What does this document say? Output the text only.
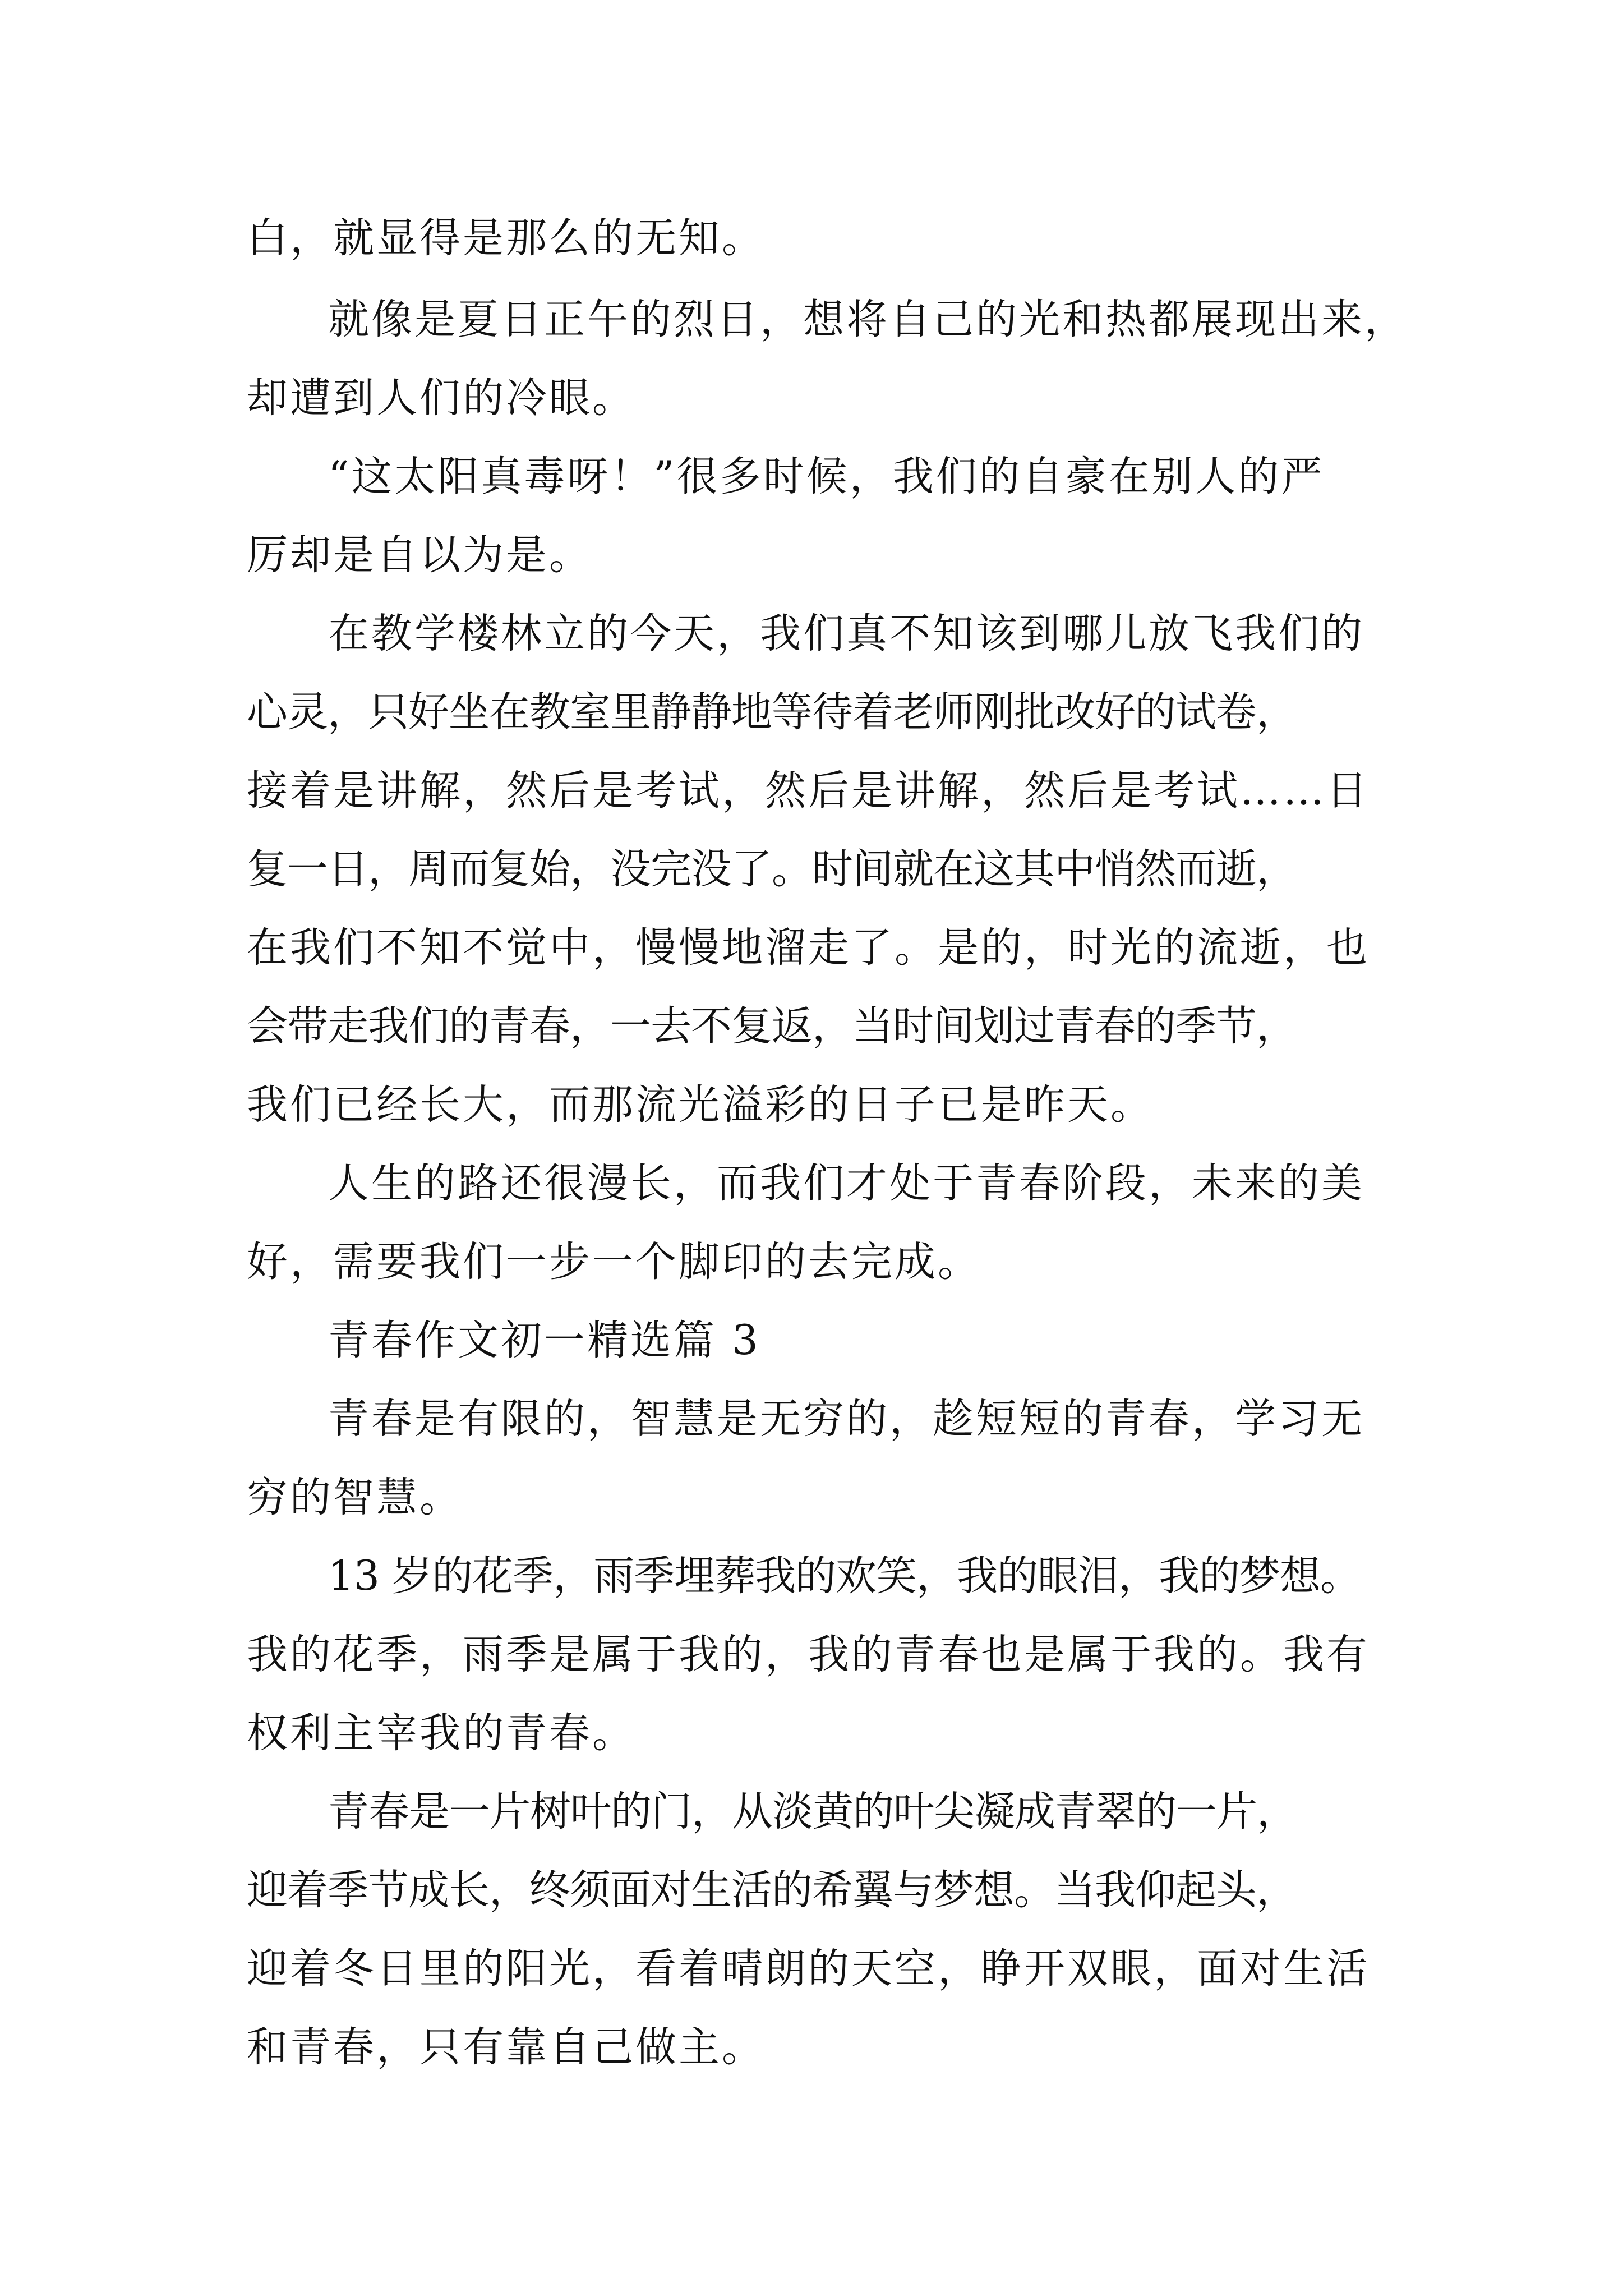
白，就显得是那么的无知。
就像是夏日正午的烈日，想将自己的光和热都展现出来，
却遭到人们的冷眼。
“这太阳真毒呀！”很多时候，我们的自豪在别人的严
厉却是自以为是。
在教学楼林立的今天，我们真不知该到哪儿放飞我们的
心灵，只好坐在教室里静静地等待着老师刚批改好的试卷，
接着是讲解，然后是考试，然后是讲解，然后是考试……日
复一日，周而复始，没完没了。时间就在这其中悄然而逝，
在我们不知不觉中，慢慢地溜走了。是的，时光的流逝，也
会带走我们的青春，一去不复返，当时间划过青春的季节，
我们已经长大，而那流光溢彩的日子已是昨天。
人生的路还很漫长，而我们才处于青春阶段，未来的美
好，需要我们一步一个脚印的去完成。
青春作文初一精选篇 3
青春是有限的，智慧是无穷的，趁短短的青春，学习无
穷的智慧。
13 岁的花季，雨季埋葬我的欢笑，我的眼泪，我的梦想。
我的花季，雨季是属于我的，我的青春也是属于我的。我有
权利主宰我的青春。
青春是一片树叶的门，从淡黄的叶尖凝成青翠的一片，
迎着季节成长，终须面对生活的希翼与梦想。当我仰起头，
迎着冬日里的阳光，看着晴朗的天空，睁开双眼，面对生活
和青春，只有靠自己做主。
